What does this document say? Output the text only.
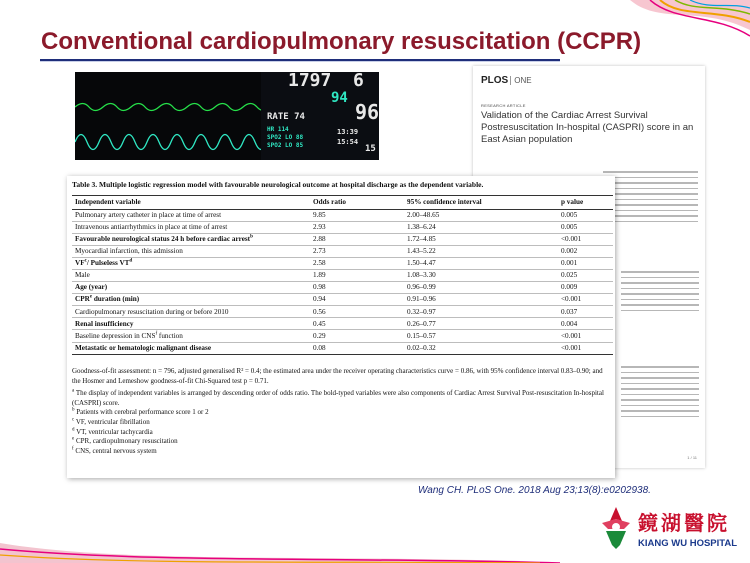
Conventional cardiopulmonary resuscitation (CCPR)
1797 6
94
96
RATE 74
HR 114
SPO2 LO 88
SPO2 LO 85
13:39
15:54
15
PLOS ONE
RESEARCH ARTICLE
Validation of the Cardiac Arrest Survival Postresuscitation In-hospital (CASPRI) score in an East Asian population
1 / 11
Table 3. Multiple logistic regression model with favourable neurological outcome at hospital discharge as the dependent variable.
Independent variable	Odds ratio	95% confidence interval	p value
Pulmonary artery catheter in place at time of arrest	9.85	2.00–48.65	0.005
Intravenous antiarrhythmics in place at time of arrest	2.93	1.38–6.24	0.005
Favourable neurological status 24 h before cardiac arrest$^b$	2.88	1.72–4.85	<0.001
Myocardial infarction, this admission	2.73	1.43–5.22	0.002
$VF^c/$ Pulseless $VT^d$	2.58	1.50–4.47	0.001
Male	1.89	1.08–3.30	0.025
Age (year)	0.98	0.96–0.99	0.009
CPR$^e$ duration (min)	0.94	0.91–0.96	<0.001
Cardiopulmonary resuscitation during or before 2010	0.56	0.32–0.97	0.037
Renal insufficiency	0.45	0.26–0.77	0.004
Baseline depression in CNS$^f$ function	0.29	0.15–0.57	<0.001
Metastatic or hematologic malignant disease	0.08	0.02–0.32	<0.001

Goodness-of-fit assessment: n = 796, adjusted generalised R² = 0.4; the estimated area under the receiver operating characteristics curve = 0.86, with 95% confidence interval 0.83–0.90; and the Hosmer and Lemeshow goodness-of-fit Chi-Squared test p = 0.71.

$^a$ The display of independent variables is arranged by descending order of odds ratio. The bold-typed variables were also components of Cardiac Arrest Survival Post-resuscitation In-hospital (CASPRI) score.

$^b$ Patients with cerebral performance score 1 or 2

$^c$ VF, ventricular fibrillation

$^d$ VT, ventricular tachycardia

$^e$ CPR, cardiopulmonary resuscitation

$^f$ CNS, central nervous system

Wang CH. PLoS One. 2018 Aug 23;13(8):e0202938.
鏡湖醫院
KIANG WU HOSPITAL
